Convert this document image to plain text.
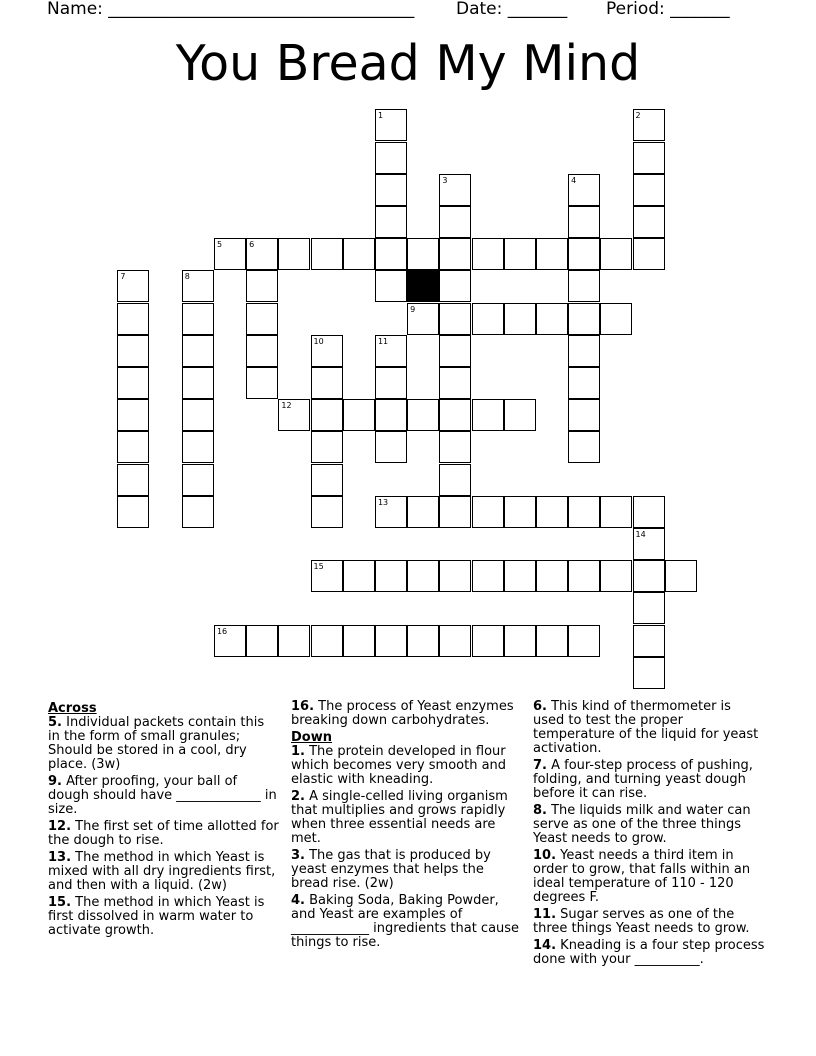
Name: ____________________________________ Date: _______ Period: _______
You Bread My Mind
1	2
3	4
5	6
7	8
9
10	11
12
13
14
15
16
Across
5. Individual packets contain this in the form of small granules; Should be stored in a cool, dry place. (3w)
9. After proofing, your ball of dough should have _____________ in size.
12. The first set of time allotted for the dough to rise.
13. The method in which Yeast is mixed with all dry ingredients first, and then with a liquid. (2w)
15. The method in which Yeast is first dissolved in warm water to activate growth.
16. The process of Yeast enzymes breaking down carbohydrates.
Down
1. The protein developed in flour which becomes very smooth and elastic with kneading.
2. A single-celled living organism that multiplies and grows rapidly when three essential needs are met.
3. The gas that is produced by yeast enzymes that helps the bread rise. (2w)
4. Baking Soda, Baking Powder, and Yeast are examples of ____________ ingredients that cause things to rise.
6. This kind of thermometer is used to test the proper temperature of the liquid for yeast activation.
7. A four-step process of pushing, folding, and turning yeast dough before it can rise.
8. The liquids milk and water can serve as one of the three things Yeast needs to grow.
10. Yeast needs a third item in order to grow, that falls within an ideal temperature of 110 - 120 degrees F.
11. Sugar serves as one of the three things Yeast needs to grow.
14. Kneading is a four step process done with your __________.
